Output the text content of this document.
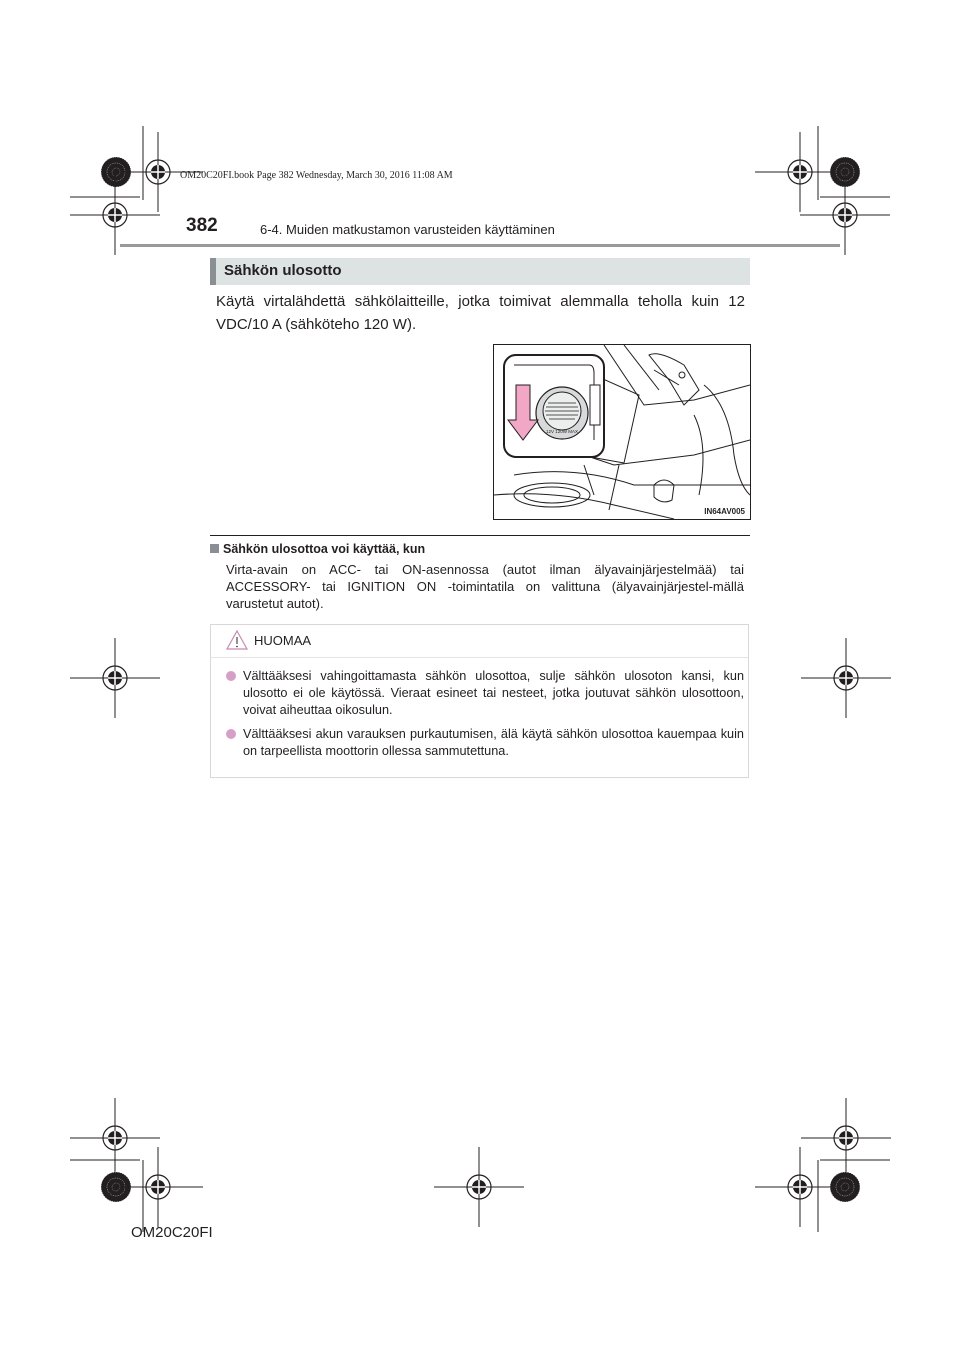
OM20C20FI.book Page 382 Wednesday, March 30, 2016 11:08 AM
382	6-4. Muiden matkustamon varusteiden käyttäminen
Sähkön ulosotto
Käytä virtalähdettä sähkölaitteille, jotka toimivat alemmalla teholla kuin 12 VDC/10 A (sähköteho 120 W).
12V 120W MAX
IN64AV005
Sähkön ulosottoa voi käyttää, kun
Virta-avain on ACC- tai ON-asennossa (autot ilman älyavainjärjestelmää) tai ACCESSORY- tai IGNITION ON -toimintatila on valittuna (älyavainjärjestel-mällä varustetut autot).
HUOMAA
Välttääksesi vahingoittamasta sähkön ulosottoa, sulje sähkön ulosoton kansi, kun ulosotto ei ole käytössä. Vieraat esineet tai nesteet, jotka joutuvat sähkön ulosottoon, voivat aiheuttaa oikosulun.
Välttääksesi akun varauksen purkautumisen, älä käytä sähkön ulosottoa kauempaa kuin on tarpeellista moottorin ollessa sammutettuna.
OM20C20FI
